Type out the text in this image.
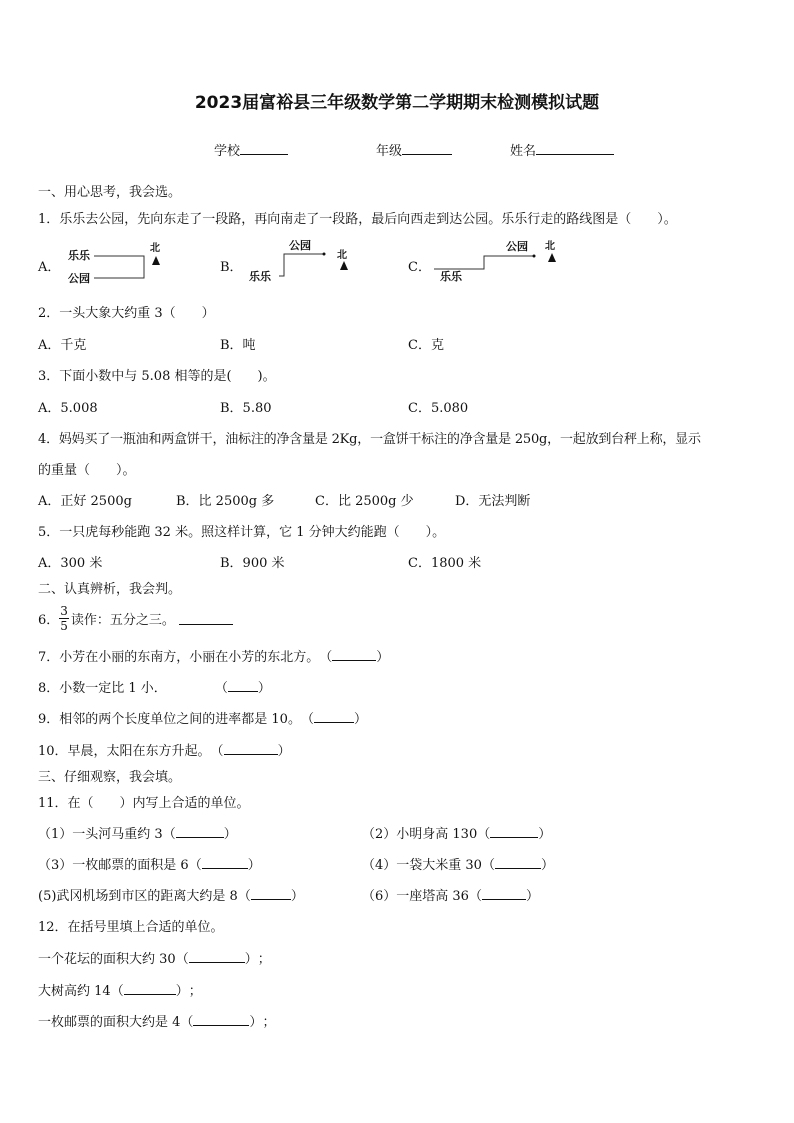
2023届富裕县三年级数学第二学期期末检测模拟试题
学校	年级	姓名
一、用心思考，我会选。
1．乐乐去公园，先向东走了一段路，再向南走了一段路，最后向西走到达公园。乐乐行走的路线图是（　　）。
A．
乐乐
公园
北
B．
乐乐
公园
北
C．
乐乐
公园 北
2．一头大象大约重 3（　　）
A．千克	B．吨	C．克
3．下面小数中与 5.08 相等的是(　　)。
A．5.008	B．5.80	C．5.080
4．妈妈买了一瓶油和两盒饼干，油标注的净含量是 2Kg，一盒饼干标注的净含量是 250g，一起放到台秤上称，显示
的重量（　　）。
A．正好 2500g	B．比 2500g 多	C．比 2500g 少	D．无法判断
5．一只虎每秒能跑 32 米。照这样计算，它 1 分钟大约能跑（　　）。
A．300 米	B．900 米	C．1800 米
二、认真辨析，我会判。
6． $\frac{3}{5}$ 读作：五分之三。
7．小芳在小丽的东南方，小丽在小芳的东北方。（	）
8．小数一定比 1 小．	（ ）
9．相邻的两个长度单位之间的进率都是 10。（	）
10．早晨，太阳在东方升起。（	）
三、仔细观察，我会填。
11．在（　　）内写上合适的单位。
（1）一头河马重约 3（	）	（2）小明身高 130（	）
（3）一枚邮票的面积是 6（	）	（4）一袋大米重 30（	）
(5)武冈机场到市区的距离大约是 8（	）	（6）一座塔高 36（	）
12．在括号里填上合适的单位。
一个花坛的面积大约 30（	）；
大树高约 14（	）；
一枚邮票的面积大约是 4（	）；
